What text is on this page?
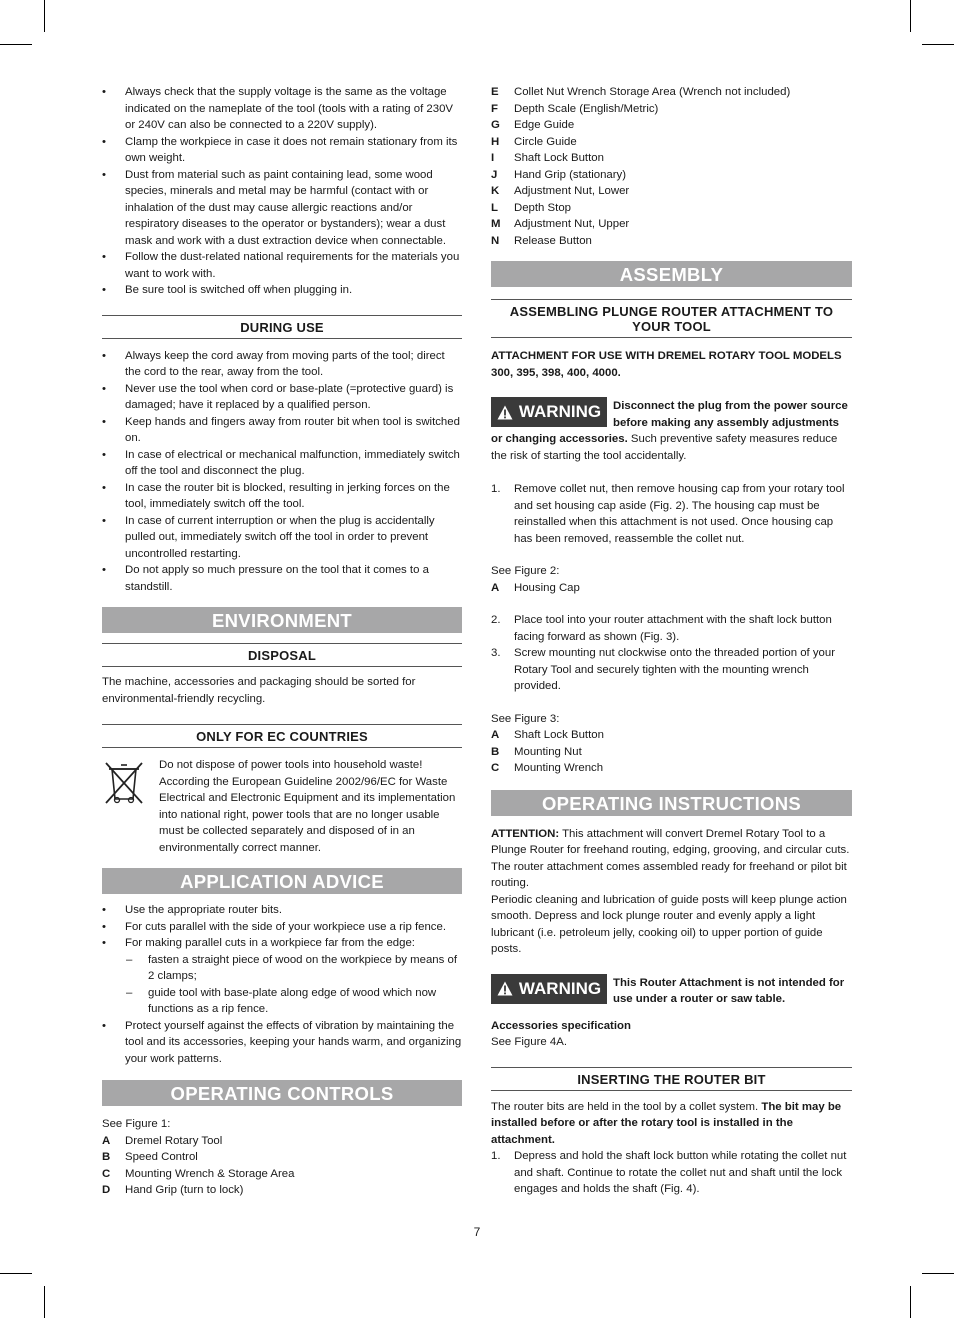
• Always check that the supply voltage is the same as the voltage indicated on the nameplate of the tool (tools with a rating of 230V or 240V can also be connected to a 220V supply).
• Clamp the workpiece in case it does not remain stationary from its own weight.
• Dust from material such as paint containing lead, some wood species, minerals and metal may be harmful (contact with or inhalation of the dust may cause allergic reactions and/or respiratory diseases to the operator or bystanders); wear a dust mask and work with a dust extraction device when connectable.
• Follow the dust-related national requirements for the materials you want to work with.
• Be sure tool is switched off when plugging in.
DURING USE
• Always keep the cord away from moving parts of the tool; direct the cord to the rear, away from the tool.
• Never use the tool when cord or base-plate (=protective guard) is damaged; have it replaced by a qualified person.
• Keep hands and fingers away from router bit when tool is switched on.
• In case of electrical or mechanical malfunction, immediately switch off the tool and disconnect the plug.
• In case the router bit is blocked, resulting in jerking forces on the tool, immediately switch off the tool.
• In case of current interruption or when the plug is accidentally pulled out, immediately switch off the tool in order to prevent uncontrolled restarting.
• Do not apply so much pressure on the tool that it comes to a standstill.
ENVIRONMENT
DISPOSAL
The machine, accessories and packaging should be sorted for environmental-friendly recycling.
ONLY FOR EC COUNTRIES
Do not dispose of power tools into household waste! According the European Guideline 2002/96/EC for Waste Electrical and Electronic Equipment and its implementation into national right, power tools that are no longer usable must be collected separately and disposed of in an environmentally correct manner.
APPLICATION ADVICE
• Use the appropriate router bits.
• For cuts parallel with the side of your workpiece use a rip fence.
• For making parallel cuts in a workpiece far from the edge:
– fasten a straight piece of wood on the workpiece by means of 2 clamps;
– guide tool with base-plate along edge of wood which now functions as a rip fence.
• Protect yourself against the effects of vibration by maintaining the tool and its accessories, keeping your hands warm, and organizing your work patterns.
OPERATING CONTROLS
See Figure 1:
A	Dremel Rotary Tool
B	Speed Control
C	Mounting Wrench & Storage Area
D	Hand Grip (turn to lock)
E	Collet Nut Wrench Storage Area (Wrench not included)
F	Depth Scale (English/Metric)
G	Edge Guide
H	Circle Guide
I	Shaft Lock Button
J	Hand Grip (stationary)
K	Adjustment Nut, Lower
L	Depth Stop
M	Adjustment Nut, Upper
N	Release Button
ASSEMBLY
ASSEMBLING PLUNGE ROUTER ATTACHMENT TO YOUR TOOL
ATTACHMENT FOR USE WITH DREMEL ROTARY TOOL MODELS 300, 395, 398, 400, 4000.
WARNING Disconnect the plug from the power source before making any assembly adjustments or changing accessories. Such preventive safety measures reduce the risk of starting the tool accidentally.
1. Remove collet nut, then remove housing cap from your rotary tool and set housing cap aside (Fig. 2). The housing cap must be reinstalled when this attachment is not used. Once housing cap has been removed, reassemble the collet nut.
See Figure 2:
A	Housing Cap
2. Place tool into your router attachment with the shaft lock button facing forward as shown (Fig. 3).
3. Screw mounting nut clockwise onto the threaded portion of your Rotary Tool and securely tighten with the mounting wrench provided.
See Figure 3:
A	Shaft Lock Button
B	Mounting Nut
C	Mounting Wrench
OPERATING INSTRUCTIONS
ATTENTION: This attachment will convert Dremel Rotary Tool to a Plunge Router for freehand routing, edging, grooving, and circular cuts. The router attachment comes assembled ready for freehand or pilot bit routing.
Periodic cleaning and lubrication of guide posts will keep plunge action smooth. Depress and lock plunge router and evenly apply a light lubricant (i.e. petroleum jelly, cooking oil) to upper portion of guide posts.
WARNING This Router Attachment is not intended for use under a router or saw table.
Accessories specification
See Figure 4A.
INSERTING THE ROUTER BIT
The router bits are held in the tool by a collet system. The bit may be installed before or after the rotary tool is installed in the attachment.
1. Depress and hold the shaft lock button while rotating the collet nut and shaft. Continue to rotate the collet nut and shaft until the lock engages and holds the shaft (Fig. 4).
7
